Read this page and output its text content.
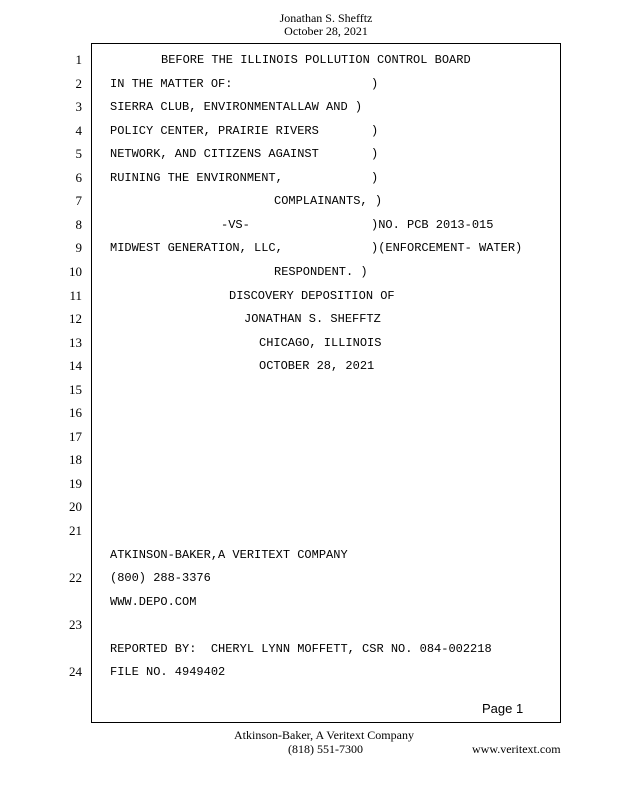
Jonathan S. Shefftz
October 28, 2021
1
2
3
4
5
6
7
8
9
10
11
12
13
14
15
16
17
18
19
20
21
22
23
24
BEFORE THE ILLINOIS POLLUTION CONTROL BOARD
IN THE MATTER OF:	)
SIERRA CLUB, ENVIRONMENTALLAW AND )
POLICY CENTER, PRAIRIE RIVERS	)
NETWORK, AND CITIZENS AGAINST	)
RUINING THE ENVIRONMENT,	)
COMPLAINANTS, )
-VS-	)NO. PCB 2013-015
MIDWEST GENERATION, LLC,	)(ENFORCEMENT- WATER)
RESPONDENT. )
DISCOVERY DEPOSITION OF
JONATHAN S. SHEFFTZ
CHICAGO, ILLINOIS
OCTOBER 28, 2021
ATKINSON-BAKER,A VERITEXT COMPANY
(800) 288-3376
WWW.DEPO.COM
REPORTED BY:  CHERYL LYNN MOFFETT, CSR NO. 084-002218
FILE NO. 4949402
Page 1
Atkinson-Baker, A Veritext Company
(818) 551-7300	www.veritext.com
